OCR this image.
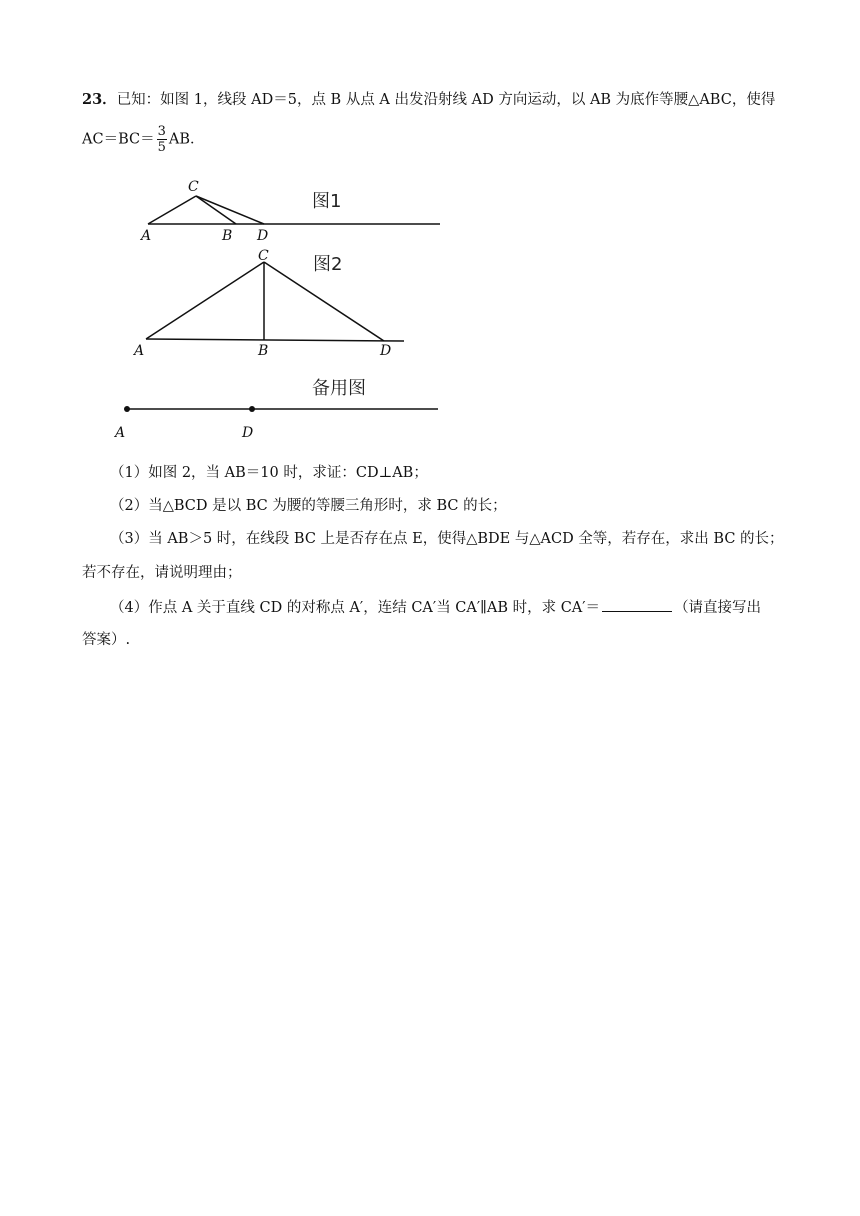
23．已知：如图 1，线段 AD＝5，点 B 从点 A 出发沿射线 AD 方向运动，以 AB 为底作等腰△ABC，使得
$AC=BC= \frac{3}{5}$ AB．
C
A	B D
图1
C
A	B	D
图2
A	D
备用图
（1）如图 2，当 AB＝10 时，求证：CD⊥AB；
（2）当△BCD 是以 BC 为腰的等腰三角形时，求 BC 的长；
（3）当 AB＞5 时，在线段 BC 上是否存在点 E，使得△BDE 与△ACD 全等，若存在，求出 BC 的长；
若不存在，请说明理由；
（4）作点 A 关于直线 CD 的对称点 A′，连结 CA′当 CA′∥AB 时，求 CA′＝	（请直接写出
答案）.
